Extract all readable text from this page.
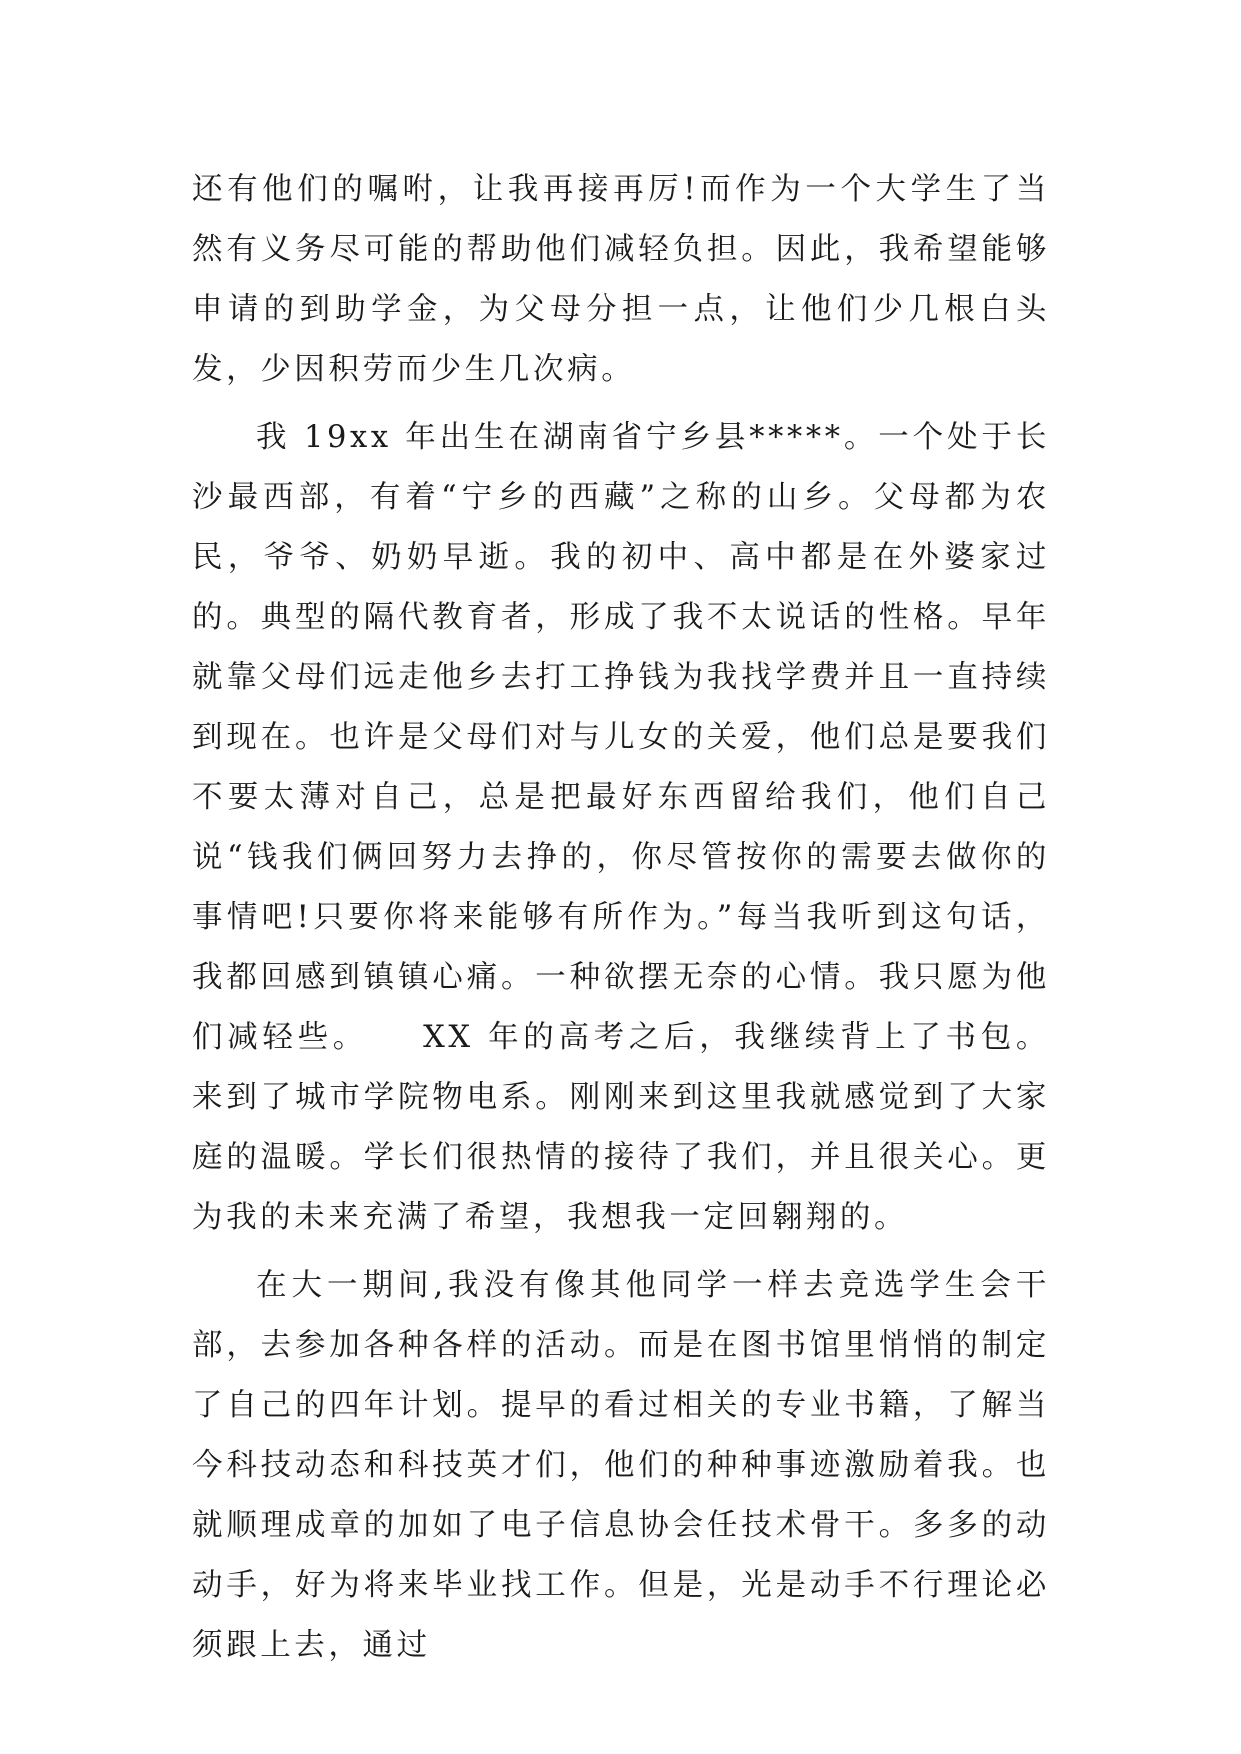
还有他们的嘱咐，让我再接再厉!而作为一个大学生了当然有义务尽可能的帮助他们减轻负担。因此，我希望能够申请的到助学金，为父母分担一点，让他们少几根白头发，少因积劳而少生几次病。

我 19xx 年出生在湖南省宁乡县*****。一个处于长沙最西部，有着“宁乡的西藏”之称的山乡。父母都为农民，爷爷、奶奶早逝。我的初中、高中都是在外婆家过的。典型的隔代教育者，形成了我不太说话的性格。早年就靠父母们远走他乡去打工挣钱为我找学费并且一直持续到现在。也许是父母们对与儿女的关爱，他们总是要我们不要太薄对自己，总是把最好东西留给我们，他们自己说“钱我们俩回努力去挣的，你尽管按你的需要去做你的事情吧!只要你将来能够有所作为。”每当我听到这句话，我都回感到镇镇心痛。一种欲摆无奈的心情。我只愿为他们减轻些。　　XX 年的高考之后，我继续背上了书包。来到了城市学院物电系。刚刚来到这里我就感觉到了大家庭的温暖。学长们很热情的接待了我们，并且很关心。更为我的未来充满了希望，我想我一定回翱翔的。

在大一期间,我没有像其他同学一样去竞选学生会干部，去参加各种各样的活动。而是在图书馆里悄悄的制定了自己的四年计划。提早的看过相关的专业书籍，了解当今科技动态和科技英才们，他们的种种事迹激励着我。也就顺理成章的加如了电子信息协会任技术骨干。多多的动动手，好为将来毕业找工作。但是，光是动手不行理论必须跟上去，通过
